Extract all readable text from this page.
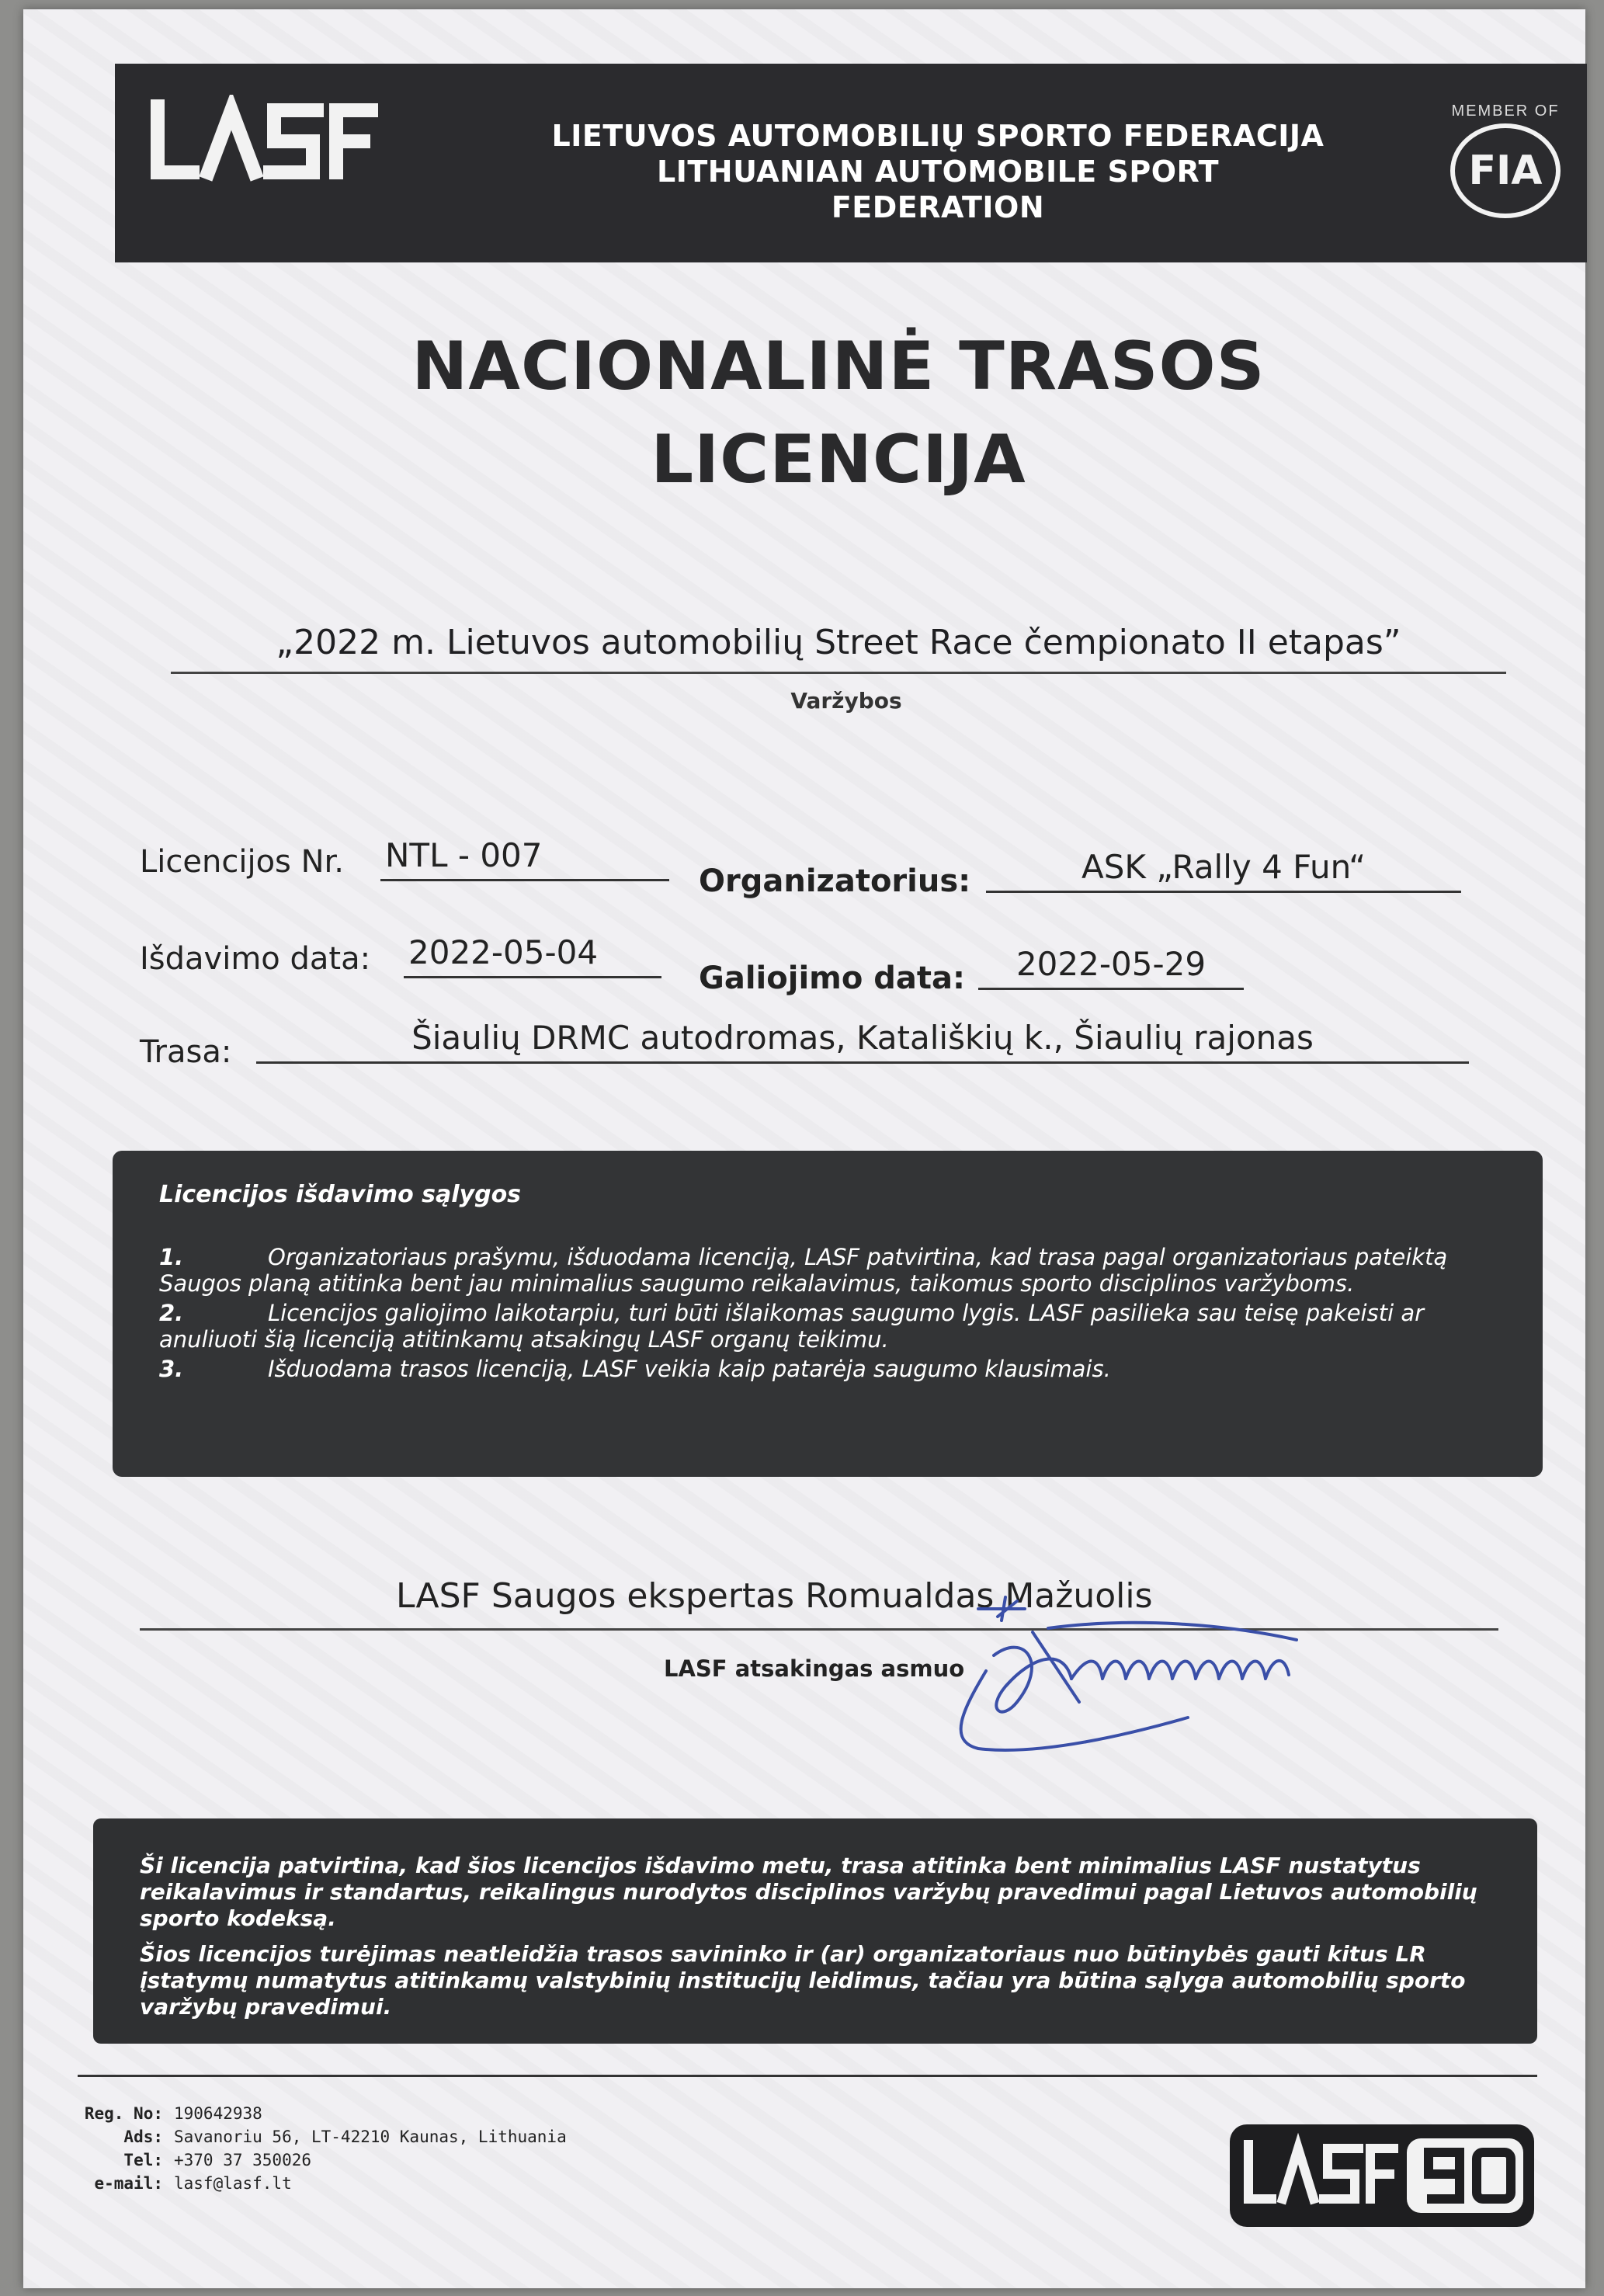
LIETUVOS AUTOMOBILIŲ SPORTO FEDERACIJA
LITHUANIAN AUTOMOBILE SPORT FEDERATION
MEMBER OF
FIA
NACIONALINĖ TRASOS
LICENCIJA
„2022 m. Lietuvos automobilių Street Race čempionato II etapas”
Varžybos
Licencijos Nr. NTL - 007
Organizatorius:	ASK „Rally 4 Fun“
Išdavimo data: 2022-05-04
Galiojimo data:	2022-05-29
Trasa:	Šiaulių DRMC autodromas, Katališkių k., Šiaulių rajonas
Licencijos išdavimo sąlygos
1.	Organizatoriaus prašymu, išduodama licenciją, LASF patvirtina, kad trasa pagal organizatoriaus pateiktą Saugos planą atitinka bent jau minimalius saugumo reikalavimus, taikomus sporto disciplinos varžyboms.
2.	Licencijos galiojimo laikotarpiu, turi būti išlaikomas saugumo lygis. LASF pasilieka sau teisę pakeisti ar anuliuoti šią licenciją atitinkamų atsakingų LASF organų teikimu.
3.	Išduodama trasos licenciją, LASF veikia kaip patarėja saugumo klausimais.
LASF Saugos ekspertas Romualdas Mažuolis
LASF atsakingas asmuo

Ši licencija patvirtina, kad šios licencijos išdavimo metu, trasa atitinka bent minimalius LASF nustatytus reikalavimus ir standartus, reikalingus nurodytos disciplinos varžybų pravedimui pagal Lietuvos automobilių sporto kodeksą.

Šios licencijos turėjimas neatleidžia trasos savininko ir (ar) organizatoriaus nuo būtinybės gauti kitus LR įstatymų numatytus atitinkamų valstybinių institucijų leidimus, tačiau yra būtina sąlyga automobilių sporto varžybų pravedimui.

Reg. No: 190642938
Ads: Savanoriu 56, LT-42210 Kaunas, Lithuania
Tel: +370 37 350026
e-mail: lasf@lasf.lt
